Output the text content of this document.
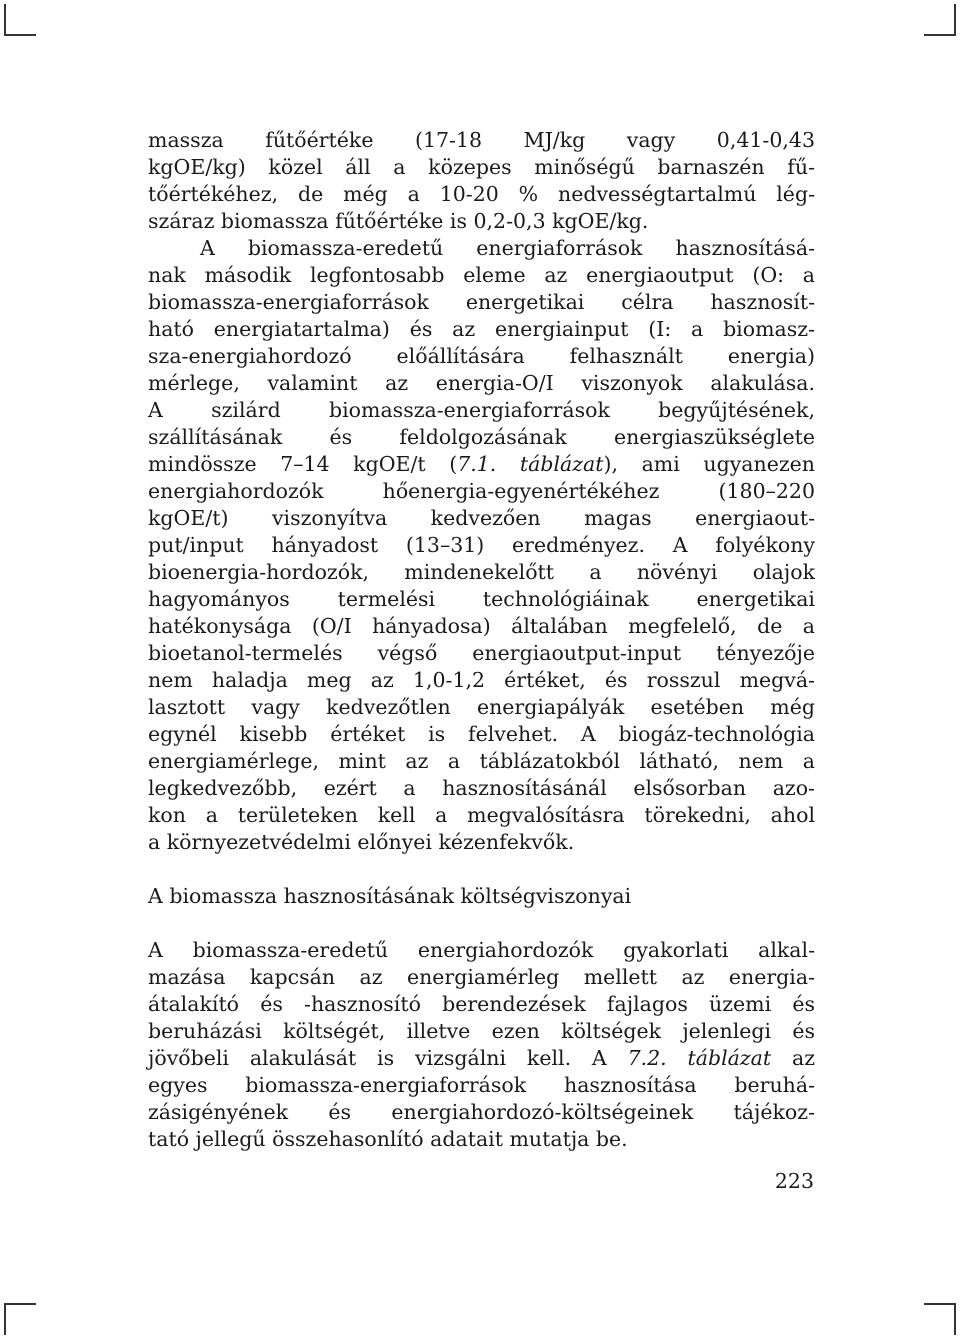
massza fűtőértéke (17-18 MJ/kg vagy 0,41-0,43
kgOE/kg) közel áll a közepes minőségű barnaszén fű-
tőértékéhez, de még a 10-20 % nedvességtartalmú lég-
száraz biomassza fűtőértéke is 0,2-0,3 kgOE/kg.
A biomassza-eredetű energiaforrások hasznosításá-
nak második legfontosabb eleme az energiaoutput (O: a
biomassza-energiaforrások energetikai célra hasznosít-
ható energiatartalma) és az energiainput (I: a biomasz-
sza-energiahordozó előállítására felhasznált energia)
mérlege, valamint az energia-O/I viszonyok alakulása.
A szilárd biomassza-energiaforrások begyűjtésének,
szállításának és feldolgozásának energiaszükséglete
mindössze 7–14 kgOE/t (7.1. táblázat), ami ugyanezen
energiahordozók hőenergia-egyenértékéhez (180–220
kgOE/t) viszonyítva kedvezően magas energiaout-
put/input hányadost (13–31) eredményez. A folyékony
bioenergia-hordozók, mindenekelőtt a növényi olajok
hagyományos termelési technológiáinak energetikai
hatékonysága (O/I hányadosa) általában megfelelő, de a
bioetanol-termelés végső energiaoutput-input tényezője
nem haladja meg az 1,0-1,2 értéket, és rosszul megvá-
lasztott vagy kedvezőtlen energiapályák esetében még
egynél kisebb értéket is felvehet. A biogáz-technológia
energiamérlege, mint az a táblázatokból látható, nem a
legkedvezőbb, ezért a hasznosításánál elsősorban azo-
kon a területeken kell a megvalósításra törekedni, ahol
a környezetvédelmi előnyei kézenfekvők.
A biomassza hasznosításának költségviszonyai
A biomassza-eredetű energiahordozók gyakorlati alkal-
mazása kapcsán az energiamérleg mellett az energia-
átalakító és -hasznosító berendezések fajlagos üzemi és
beruházási költségét, illetve ezen költségek jelenlegi és
jövőbeli alakulását is vizsgálni kell. A 7.2. táblázat az
egyes biomassza-energiaforrások hasznosítása beruhá-
zásigényének és energiahordozó-költségeinek tájékoz-
tató jellegű összehasonlító adatait mutatja be.
223
